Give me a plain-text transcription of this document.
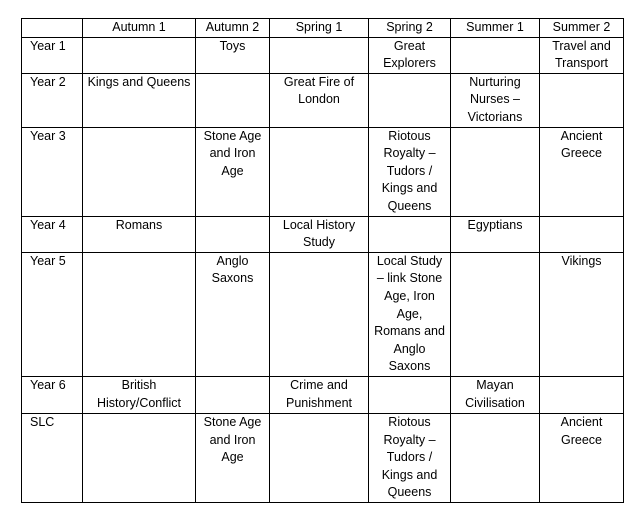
	Autumn 1	Autumn 2	Spring 1	Spring 2	Summer 1	Summer 2
Year 1		Toys		Great Explorers		Travel and Transport
Year 2	Kings and Queens		Great Fire of London		Nurturing Nurses – Victorians	
Year 3		Stone Age and Iron Age		Riotous Royalty – Tudors / Kings and Queens		Ancient Greece
Year 4	Romans		Local History Study		Egyptians	
Year 5		Anglo Saxons		Local Study – link Stone Age, Iron Age, Romans and Anglo Saxons		Vikings
Year 6	British History/Conflict		Crime and Punishment		Mayan Civilisation	
SLC		Stone Age and Iron Age		Riotous Royalty – Tudors / Kings and Queens		Ancient Greece
